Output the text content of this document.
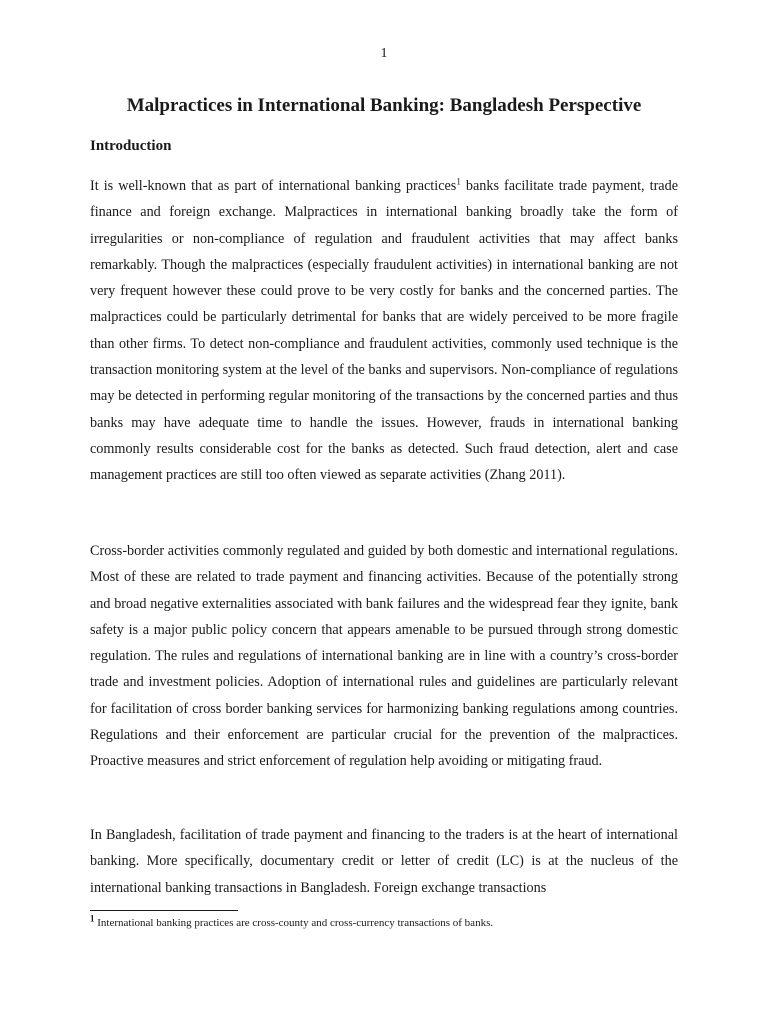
1
Malpractices in International Banking: Bangladesh Perspective
Introduction

It is well-known that as part of international banking practices$^1$ banks facilitate trade payment, trade finance and foreign exchange. Malpractices in international banking broadly take the form of irregularities or non-compliance of regulation and fraudulent activities that may affect banks remarkably. Though the malpractices (especially fraudulent activities) in international banking are not very frequent however these could prove to be very costly for banks and the concerned parties. The malpractices could be particularly detrimental for banks that are widely perceived to be more fragile than other firms. To detect non-compliance and fraudulent activities, commonly used technique is the transaction monitoring system at the level of the banks and supervisors. Non-compliance of regulations may be detected in performing regular monitoring of the transactions by the concerned parties and thus banks may have adequate time to handle the issues. However, frauds in international banking commonly results considerable cost for the banks as detected. Such fraud detection, alert and case management practices are still too often viewed as separate activities (Zhang 2011).

Cross-border activities commonly regulated and guided by both domestic and international regulations. Most of these are related to trade payment and financing activities. Because of the potentially strong and broad negative externalities associated with bank failures and the widespread fear they ignite, bank safety is a major public policy concern that appears amenable to be pursued through strong domestic regulation. The rules and regulations of international banking are in line with a country’s cross-border trade and investment policies. Adoption of international rules and guidelines are particularly relevant for facilitation of cross border banking services for harmonizing banking regulations among countries. Regulations and their enforcement are particular crucial for the prevention of the malpractices. Proactive measures and strict enforcement of regulation help avoiding or mitigating fraud.

In Bangladesh, facilitation of trade payment and financing to the traders is at the heart of international banking. More specifically, documentary credit or letter of credit (LC) is at the nucleus of the international banking transactions in Bangladesh. Foreign exchange transactions

$^1$ International banking practices are cross-county and cross-currency transactions of banks.
